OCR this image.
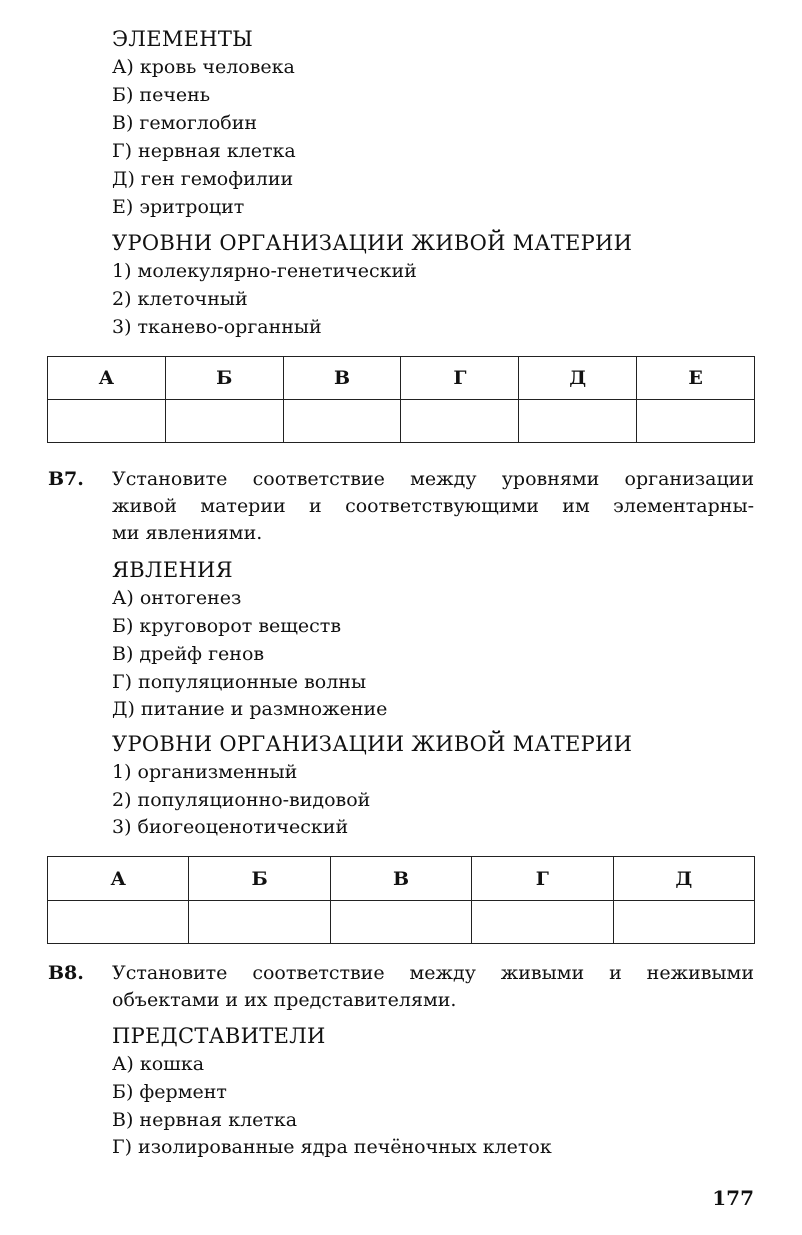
ЭЛЕМЕНТЫ
А) кровь человека
Б) печень
В) гемоглобин
Г) нервная клетка
Д) ген гемофилии
Е) эритроцит
УРОВНИ ОРГАНИЗАЦИИ ЖИВОЙ МАТЕРИИ
1) молекулярно-генетический
2) клеточный
3) тканево-органный
А	Б	В	Г	Д	Е

В7. Установите соответствие между уровнями организации
живой материи и соответствующими им элементарны-
ми явлениями.
ЯВЛЕНИЯ
А) онтогенез
Б) круговорот веществ
В) дрейф генов
Г) популяционные волны
Д) питание и размножение
УРОВНИ ОРГАНИЗАЦИИ ЖИВОЙ МАТЕРИИ
1) организменный
2) популяционно-видовой
3) биогеоценотический
А	Б	В	Г	Д

В8. Установите соответствие между живыми и неживыми
объектами и их представителями.
ПРЕДСТАВИТЕЛИ
А) кошка
Б) фермент
В) нервная клетка
Г) изолированные ядра печёночных клеток
177
